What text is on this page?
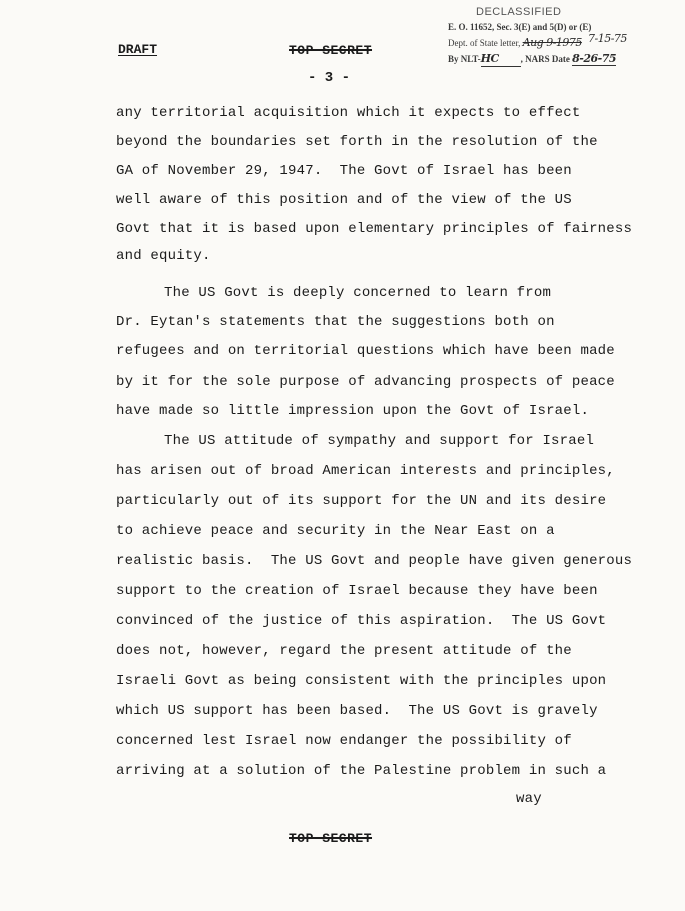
DECLASSIFIED
E. O. 11652, Sec. 3(E) and 5(D) or (E)
Dept. of State letter, Aug 9-1975 7-15-75
By NLT-HC , NARS Date 8-26-75
DRAFT	TOP SECRET
- 3 -
any territorial acquisition which it expects to effect
beyond the boundaries set forth in the resolution of the
GA of November 29, 1947.  The Govt of Israel has been
well aware of this position and of the view of the US
Govt that it is based upon elementary principles of fairness
and equity.
The US Govt is deeply concerned to learn from
Dr. Eytan's statements that the suggestions both on
refugees and on territorial questions which have been made
by it for the sole purpose of advancing prospects of peace
have made so little impression upon the Govt of Israel.
The US attitude of sympathy and support for Israel
has arisen out of broad American interests and principles,
particularly out of its support for the UN and its desire
to achieve peace and security in the Near East on a
realistic basis.  The US Govt and people have given generous
support to the creation of Israel because they have been
convinced of the justice of this aspiration.  The US Govt
does not, however, regard the present attitude of the
Israeli Govt as being consistent with the principles upon
which US support has been based.  The US Govt is gravely
concerned lest Israel now endanger the possibility of
arriving at a solution of the Palestine problem in such a
way
TOP SECRET
